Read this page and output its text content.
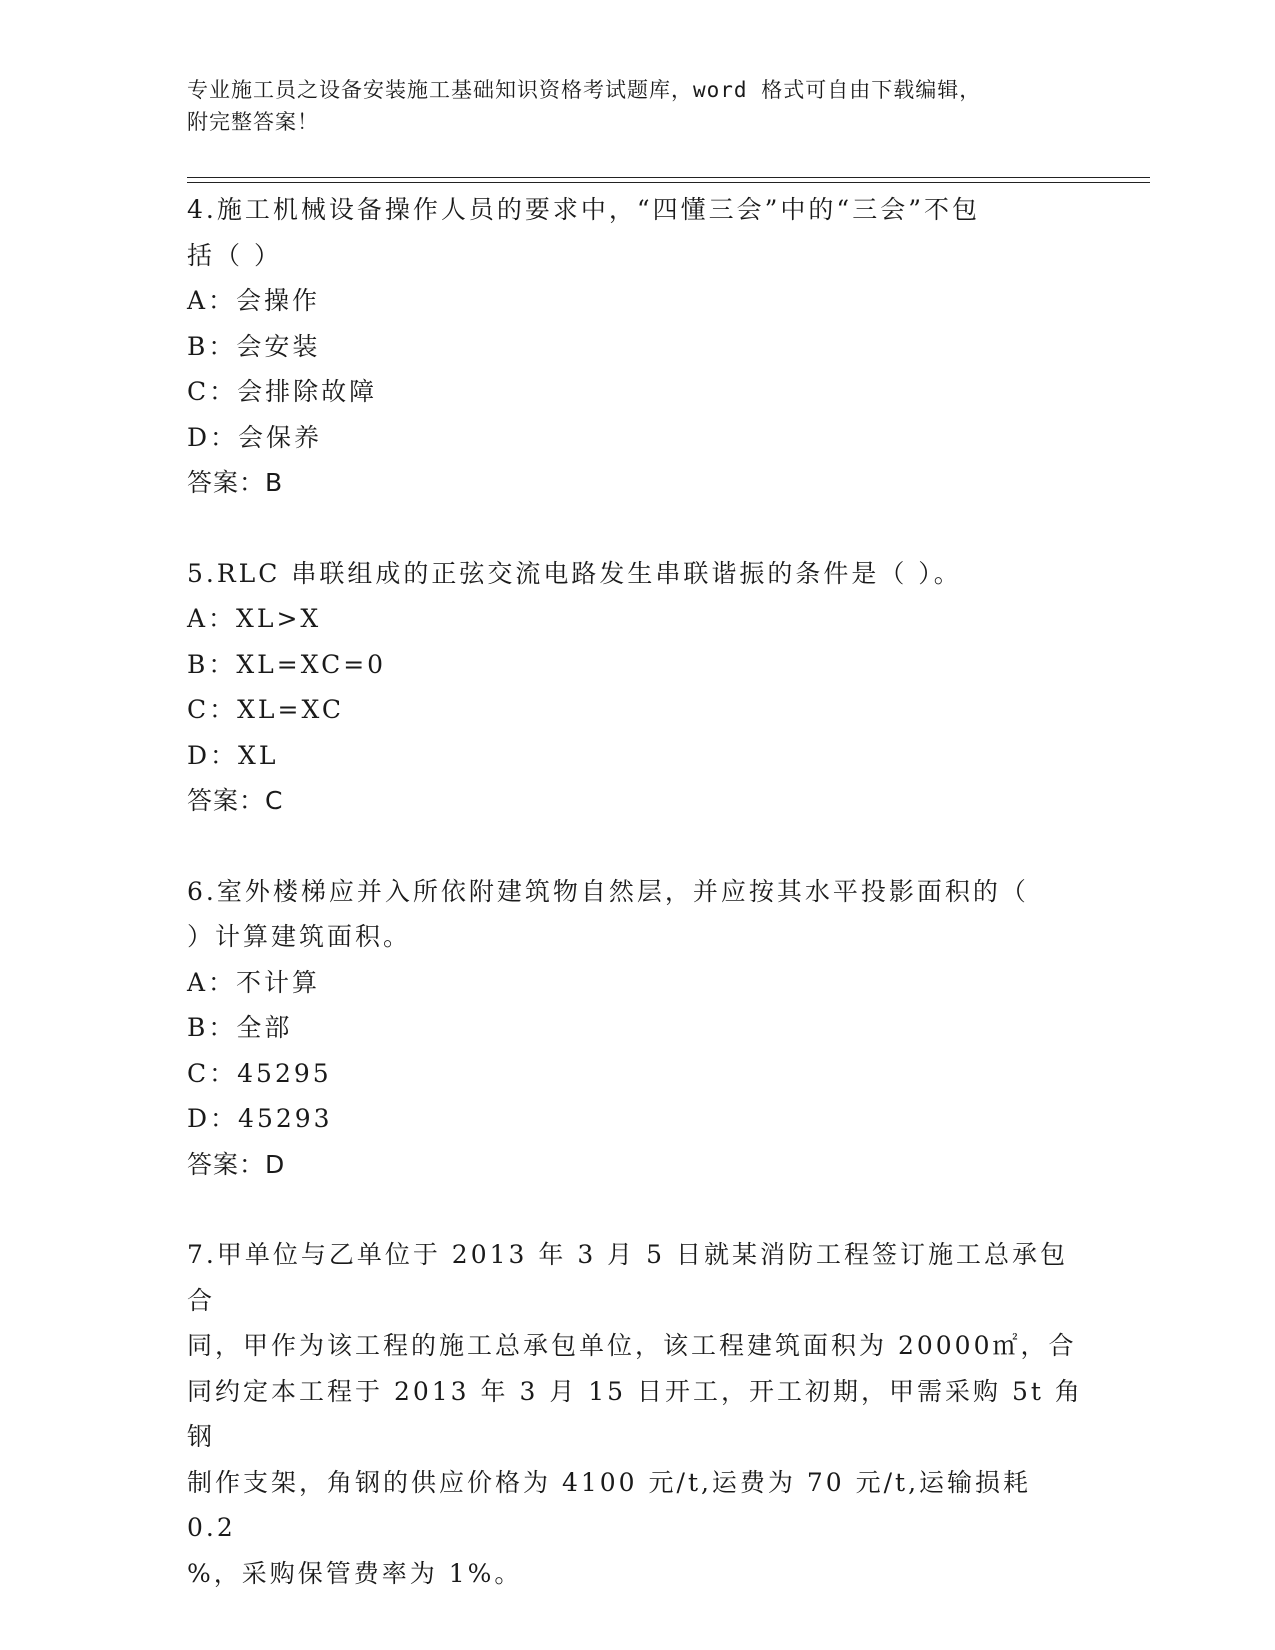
专业施工员之设备安装施工基础知识资格考试题库，word 格式可自由下载编辑，
附完整答案！
4.施工机械设备操作人员的要求中，“四懂三会”中的“三会”不包
括（ ）
A：会操作
B：会安装
C：会排除故障
D：会保养
答案：B
5.RLC 串联组成的正弦交流电路发生串联谐振的条件是（ ）。
A：XL>X
B：XL=XC=0
C：XL=XC
D：XL
答案：C
6.室外楼梯应并入所依附建筑物自然层，并应按其水平投影面积的（
）计算建筑面积。
A：不计算
B：全部
C：45295
D：45293
答案：D
7.甲单位与乙单位于 2013 年 3 月 5 日就某消防工程签订施工总承包合
同，甲作为该工程的施工总承包单位，该工程建筑面积为 20000㎡，合
同约定本工程于 2013 年 3 月 15 日开工，开工初期，甲需采购 5t 角钢
制作支架，角钢的供应价格为 4100 元/t,运费为 70 元/t,运输损耗 0.2
%，采购保管费率为 1%。
